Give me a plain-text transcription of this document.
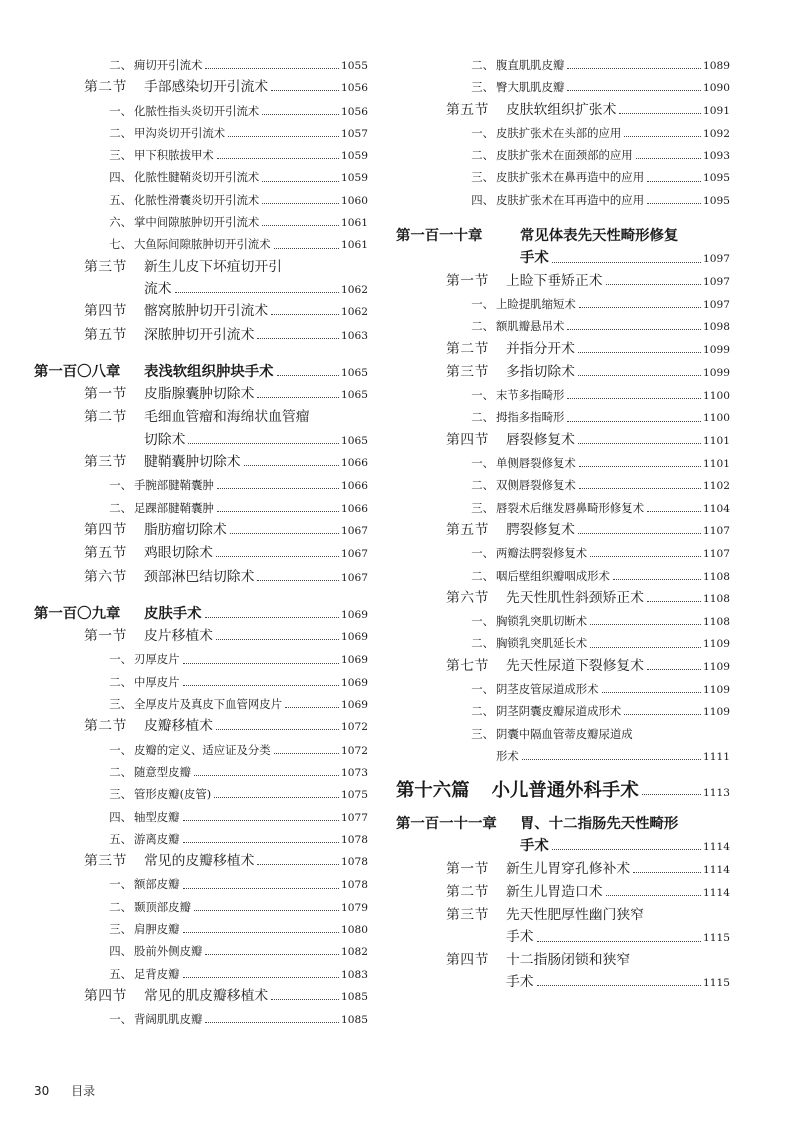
二、 痈切开引流术	1055
第二节 手部感染切开引流术	1056
一、 化脓性指头炎切开引流术	1056
二、 甲沟炎切开引流术	1057
三、 甲下积脓拔甲术	1059
四、 化脓性腱鞘炎切开引流术	1059
五、 化脓性滑囊炎切开引流术	1060
六、 掌中间隙脓肿切开引流术	1061
七、 大鱼际间隙脓肿切开引流术	1061
第三节 新生儿皮下坏疽切开引
流术	1062
第四节 髂窝脓肿切开引流术	1062
第五节 深脓肿切开引流术	1063
第一百〇八章	表浅软组织肿块手术	1065
第一节 皮脂腺囊肿切除术	1065
第二节 毛细血管瘤和海绵状血管瘤
切除术	1065
第三节 腱鞘囊肿切除术	1066
一、 手腕部腱鞘囊肿	1066
二、 足踝部腱鞘囊肿	1066
第四节 脂肪瘤切除术	1067
第五节 鸡眼切除术	1067
第六节 颈部淋巴结切除术	1067
第一百〇九章	皮肤手术	1069
第一节 皮片移植术	1069
一、 刃厚皮片	1069
二、 中厚皮片	1069
三、 全厚皮片及真皮下血管网皮片	1069
第二节 皮瓣移植术	1072
一、 皮瓣的定义、适应证及分类	1072
二、 随意型皮瓣	1073
三、 管形皮瓣(皮管)	1075
四、 轴型皮瓣	1077
五、 游离皮瓣	1078
第三节 常见的皮瓣移植术	1078
一、 额部皮瓣	1078
二、 颞顶部皮瓣	1079
三、 肩胛皮瓣	1080
四、 股前外侧皮瓣	1082
五、 足背皮瓣	1083
第四节 常见的肌皮瓣移植术	1085
一、 背阔肌肌皮瓣	1085
二、 腹直肌肌皮瓣	1089
三、 臀大肌肌皮瓣	1090
第五节 皮肤软组织扩张术	1091
一、 皮肤扩张术在头部的应用	1092
二、 皮肤扩张术在面颈部的应用	1093
三、 皮肤扩张术在鼻再造中的应用	1095
四、 皮肤扩张术在耳再造中的应用	1095
第一百一十章	常见体表先天性畸形修复
手术	1097
第一节 上睑下垂矫正术	1097
一、 上睑提肌缩短术	1097
二、 额肌瓣悬吊术	1098
第二节 并指分开术	1099
第三节 多指切除术	1099
一、 末节多指畸形	1100
二、 拇指多指畸形	1100
第四节 唇裂修复术	1101
一、 单侧唇裂修复术	1101
二、 双侧唇裂修复术	1102
三、 唇裂术后继发唇鼻畸形修复术	1104
第五节 腭裂修复术	1107
一、 两瓣法腭裂修复术	1107
二、 咽后壁组织瓣咽成形术	1108
第六节 先天性肌性斜颈矫正术	1108
一、 胸锁乳突肌切断术	1108
二、 胸锁乳突肌延长术	1109
第七节 先天性尿道下裂修复术	1109
一、 阴茎皮管尿道成形术	1109
二、 阴茎阴囊皮瓣尿道成形术	1109
三、 阴囊中隔血管蒂皮瓣尿道成
形术	1111
第十六篇 小儿普通外科手术	1113
第一百一十一章 胃、十二指肠先天性畸形
手术	1114
第一节 新生儿胃穿孔修补术	1114
第二节 新生儿胃造口术	1114
第三节 先天性肥厚性幽门狭窄
手术	1115
第四节 十二指肠闭锁和狭窄
手术	1115
30 目录
